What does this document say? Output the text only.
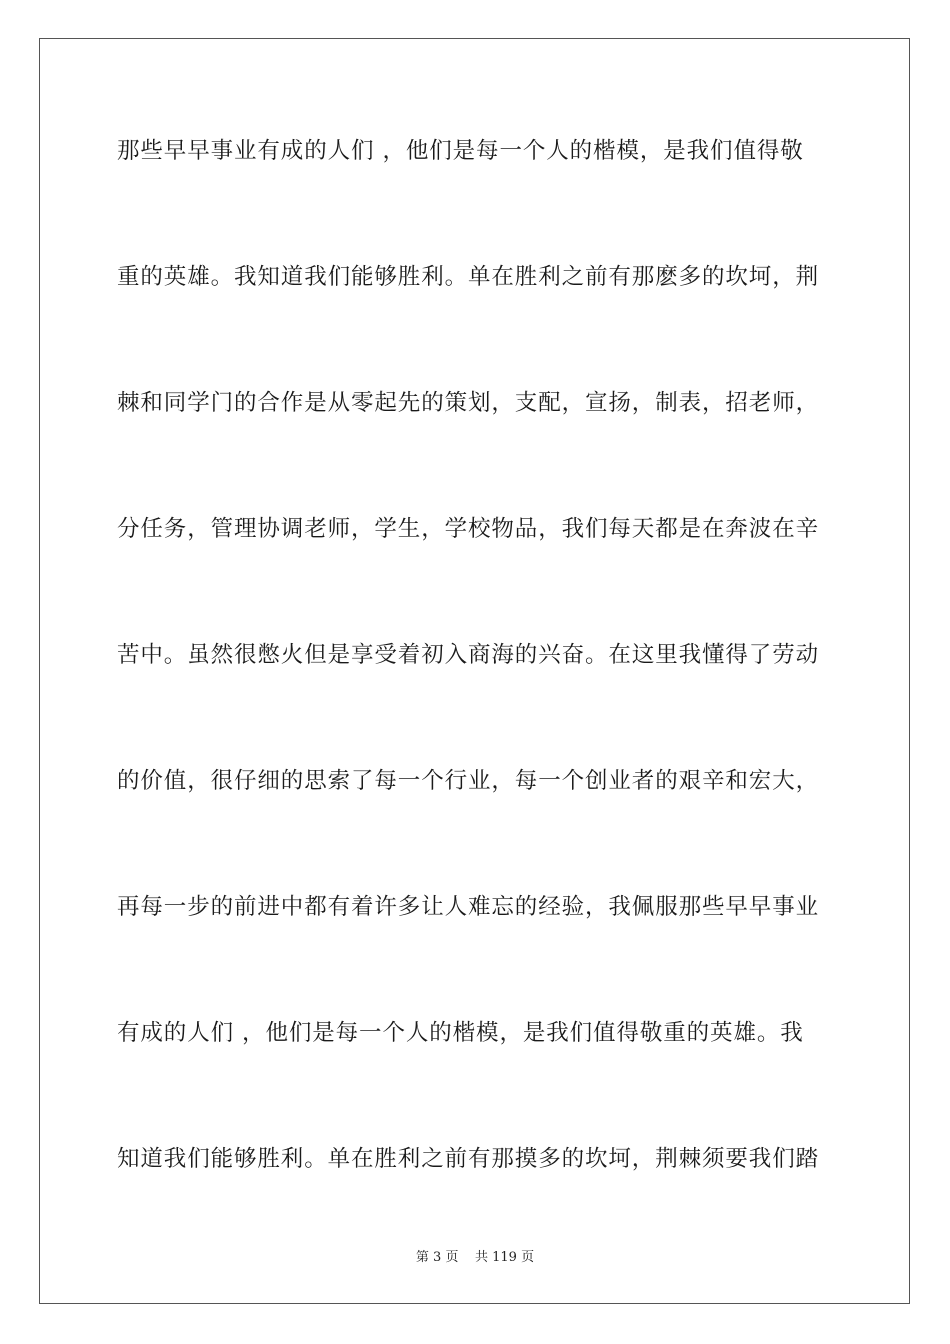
那些早早事业有成的人们 ，他们是每一个人的楷模，是我们值得敬
重的英雄。我知道我们能够胜利。单在胜利之前有那麽多的坎坷，荆
棘和同学门的合作是从零起先的策划，支配，宣扬，制表，招老师，
分任务，管理协调老师，学生，学校物品，我们每天都是在奔波在辛
苦中。虽然很憋火但是享受着初入商海的兴奋。在这里我懂得了劳动
的价值，很仔细的思索了每一个行业，每一个创业者的艰辛和宏大，
再每一步的前进中都有着许多让人难忘的经验，我佩服那些早早事业
有成的人们 ，他们是每一个人的楷模，是我们值得敬重的英雄。我
知道我们能够胜利。单在胜利之前有那摸多的坎坷，荆棘须要我们踏
第 3 页    共 119 页
